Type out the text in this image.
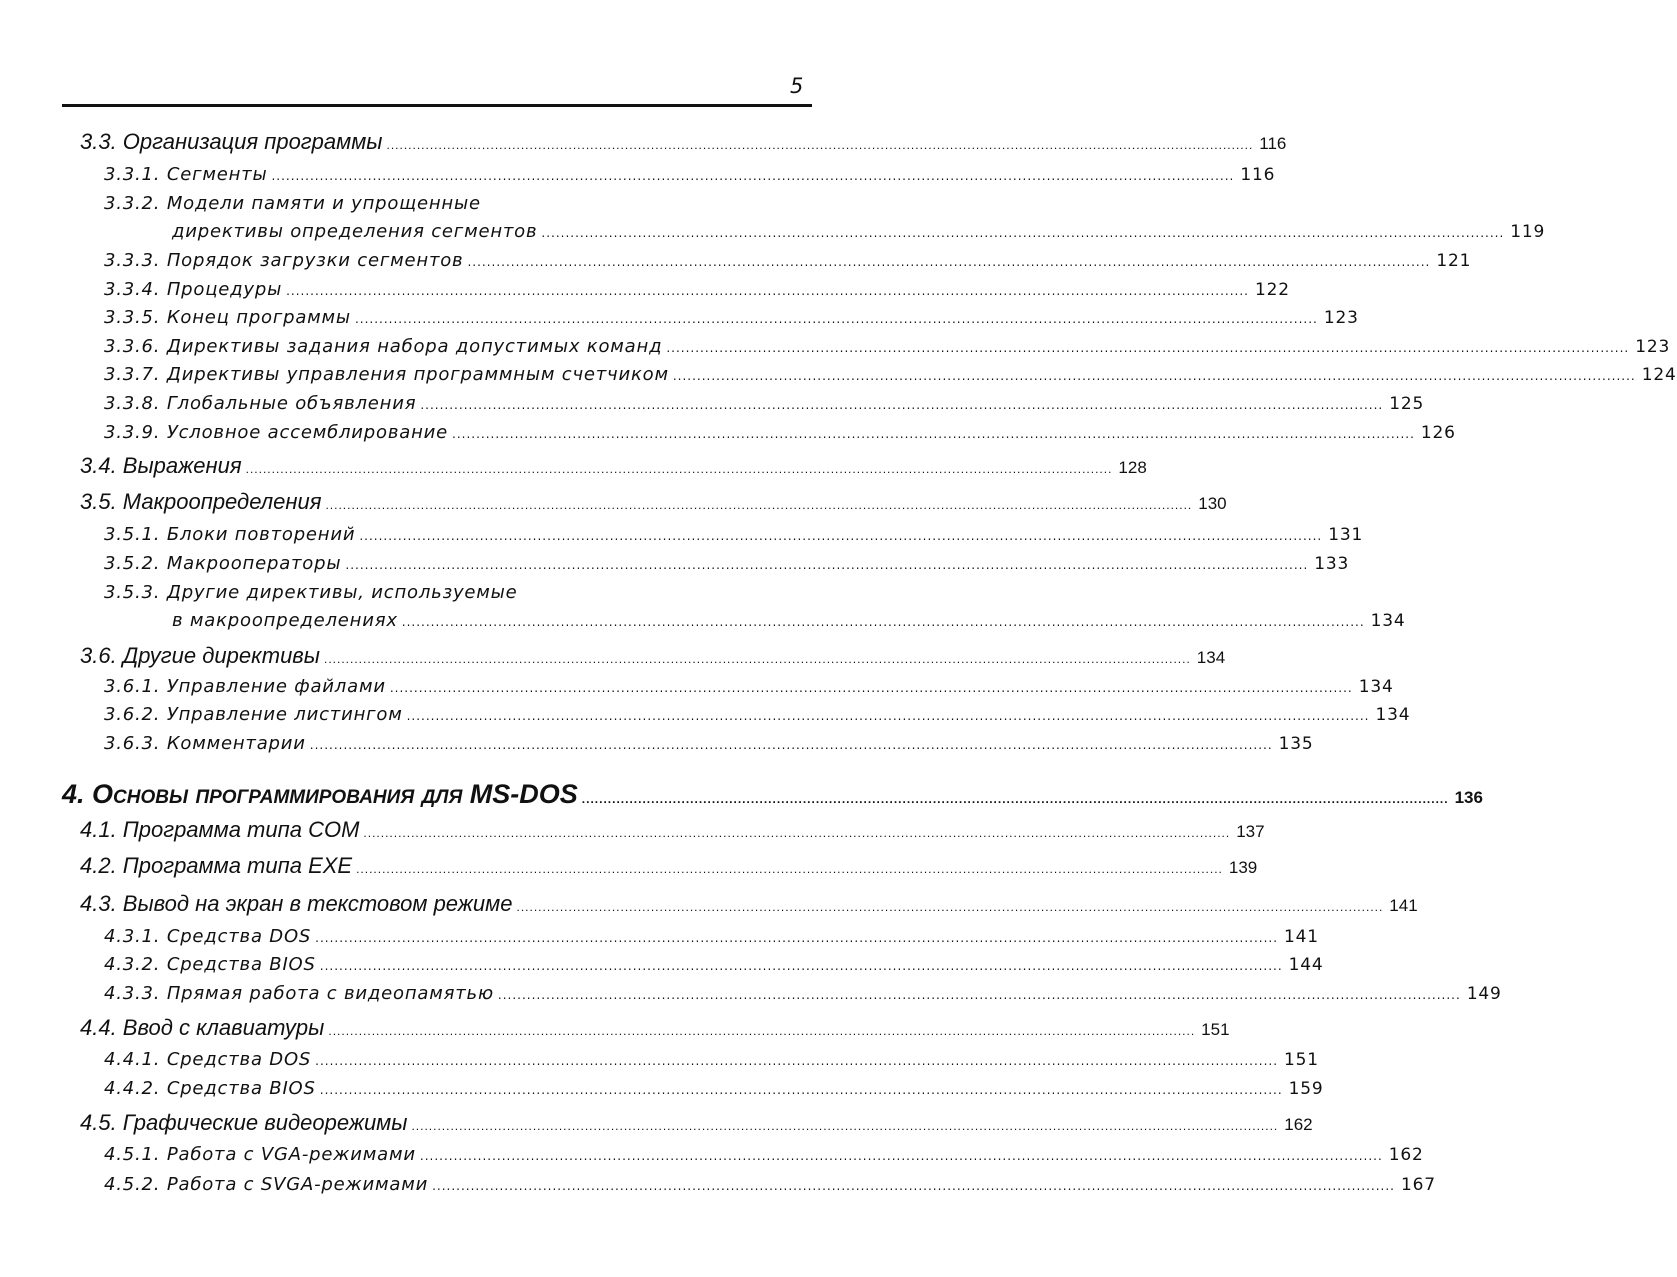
5
3.3. Организация программы ........................................................................................................................................................................................................ 116
3.3.1. Сегменты ........................................................................................................................................................................................................ 116
3.3.2. Модели памяти и упрощенные
директивы определения сегментов ........................................................................................................................................................................................................ 119
3.3.3. Порядок загрузки сегментов ........................................................................................................................................................................................................ 121
3.3.4. Процедуры ........................................................................................................................................................................................................ 122
3.3.5. Конец программы ........................................................................................................................................................................................................ 123
3.3.6. Директивы задания набора допустимых команд ........................................................................................................................................................................................................ 123
3.3.7. Директивы управления программным счетчиком ........................................................................................................................................................................................................ 124
3.3.8. Глобальные объявления ........................................................................................................................................................................................................ 125
3.3.9. Условное ассемблирование ........................................................................................................................................................................................................ 126
3.4. Выражения ........................................................................................................................................................................................................ 128
3.5. Макроопределения ........................................................................................................................................................................................................ 130
3.5.1. Блоки повторений ........................................................................................................................................................................................................ 131
3.5.2. Макрооператоры ........................................................................................................................................................................................................ 133
3.5.3. Другие директивы, используемые
в макроопределениях ........................................................................................................................................................................................................ 134
3.6. Другие директивы ........................................................................................................................................................................................................ 134
3.6.1. Управление файлами ........................................................................................................................................................................................................ 134
3.6.2. Управление листингом ........................................................................................................................................................................................................ 134
3.6.3. Комментарии ........................................................................................................................................................................................................ 135
4. Основы программирования для MS-DOS ........................................................................................................................................................................................................ 136
4.1. Программа типа COM ........................................................................................................................................................................................................ 137
4.2. Программа типа EXE ........................................................................................................................................................................................................ 139
4.3. Вывод на экран в текстовом режиме ........................................................................................................................................................................................................ 141
4.3.1. Средства DOS ........................................................................................................................................................................................................ 141
4.3.2. Средства BIOS ........................................................................................................................................................................................................ 144
4.3.3. Прямая работа с видеопамятью ........................................................................................................................................................................................................ 149
4.4. Ввод с клавиатуры ........................................................................................................................................................................................................ 151
4.4.1. Средства DOS ........................................................................................................................................................................................................ 151
4.4.2. Средства BIOS ........................................................................................................................................................................................................ 159
4.5. Графические видеорежимы ........................................................................................................................................................................................................ 162
4.5.1. Работа с VGA-режимами ........................................................................................................................................................................................................ 162
4.5.2. Работа с SVGA-режимами ........................................................................................................................................................................................................ 167
